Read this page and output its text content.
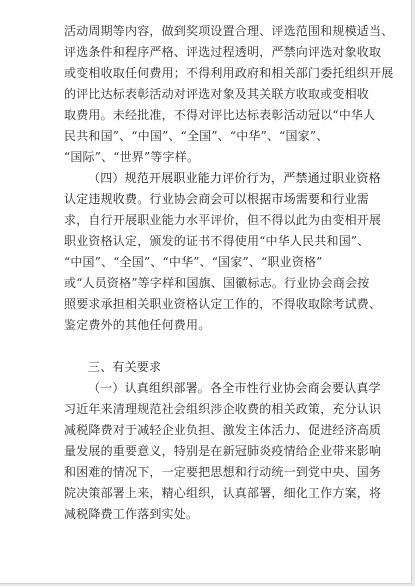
活动周期等内容，做到奖项设置合理、评选范围和规模适当、
评选条件和程序严格、评选过程透明，严禁向评选对象收取
或变相收取任何费用；不得利用政府和相关部门委托组织开展
的评比达标表彰活动对评选对象及其关联方收取或变相收
取费用。未经批准，不得对评比达标表彰活动冠以“中华人
民共和国”、“中国”、“全国”、“中华”、“国家”、
“国际”、“世界”等字样。
（四）规范开展职业能力评价行为，严禁通过职业资格
认定违规收费。行业协会商会可以根据市场需要和行业需
求，自行开展职业能力水平评价，但不得以此为由变相开展
职业资格认定，颁发的证书不得使用“中华人民共和国”、
“中国”、“全国”、“中华”、“国家”、“职业资格”
或“人员资格”等字样和国旗、国徽标志。行业协会商会按
照要求承担相关职业资格认定工作的，不得收取除考试费、
鉴定费外的其他任何费用。
三、有关要求
（一）认真组织部署。各全市性行业协会商会要认真学
习近年来清理规范社会组织涉企收费的相关政策，充分认识
减税降费对于减轻企业负担、激发主体活力、促进经济高质
量发展的重要意义，特别是在新冠肺炎疫情给企业带来影响
和困难的情况下，一定要把思想和行动统一到党中央、国务
院决策部署上来，精心组织，认真部署，细化工作方案，将
减税降费工作落到实处。
